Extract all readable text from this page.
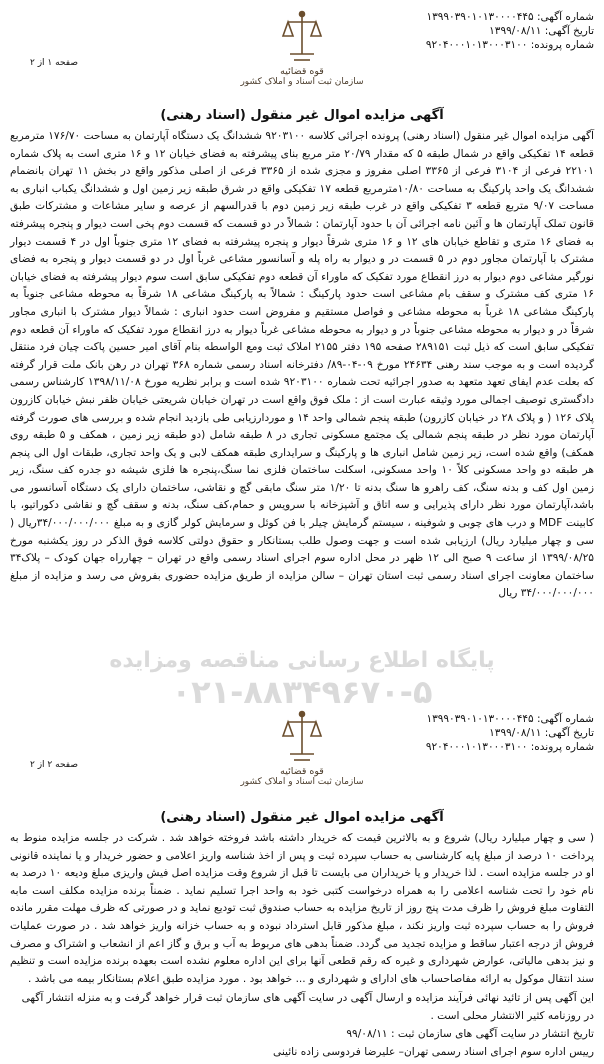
شماره آگهی: ۱۳۹۹۰۳۹۰۱۰۱۳۰۰۰۰۴۴۵
تاریخ آگهی: ۱۳۹۹/۰۸/۱۱
شماره پرونده: ۹۲۰۴۰۰۰۱۰۱۳۰۰۰۳۱۰۰
قوه قضائیه
سازمان ثبت اسناد و املاک کشور
صفحه ۱ از ۲
آگهی مزایده اموال غیر منقول (اسناد رهنی)

آگهی مزایده اموال غیر منقول (اسناد رهنی) پرونده اجرائی کلاسه ۹۲۰۳۱۰۰ ششدانگ یک دستگاه آپارتمان به مساحت ۱۷۶/۷۰ مترمربع قطعه ۱۴ تفکیکی واقع در شمال طبقه ۵ که مقدار ۲۰/۷۹ متر مربع بنای پیشرفته به فضای خیابان ۱۲ و ۱۶ متری است به پلاک شماره ۲۲۱۰۱ فرعی از ۳۱۰۴ فرعی از ۳۳۶۵ اصلی مفروز و مجزی شده از ۳۳۶۵ فرعی از اصلی مذکور واقع در بخش ۱۱ تهران بانضمام ششدانگ یک واحد پارکینگ به مساحت ۱۰/۸۰مترمربع قطعه ۱۷ تفکیکی واقع در شرق طبقه زیر زمین اول و ششدانگ یکباب انباری به مساحت ۹/۰۷ متربع قطعه ۳ تفکیکی واقع در غرب طبقه زیر زمین دوم با قدرالسهم از عرصه و سایر مشاعات و مشترکات طبق قانون تملک آپارتمان ها و آئین نامه اجرائی آن با حدود آپارتمان : شمالاً در دو قسمت که قسمت دوم پخی است دیوار و پنجره پیشرفته به فضای ۱۶ متری و تقاطع خیابان های ۱۲ و ۱۶ متری شرقاً دیوار و پنجره پیشرفته به فضای ۱۲ متری جنوباً اول در ۴ قسمت دیوار مشترک با آپارتمان مجاور دوم در ۵ قسمت در و دیوار به راه پله و آسانسور مشاعی غرباً اول در دو قسمت دیوار و پنجره به فضای نورگیر مشاعی دوم دیوار به درز انقطاع مورد تفکیک که ماوراء آن قطعه دوم تفکیکی سابق است سوم دیوار پیشرفته به فضای خیابان ۱۶ متری کف مشترک و سقف بام مشاعی است حدود پارکینگ : شمالاً به پارکینگ مشاعی ۱۸ شرقاً به محوطه مشاعی جنوباً به پارکینگ مشاعی ۱۸ غرباً به محوطه مشاعی و فواصل مستقیم و مفروض است حدود انباری : شمالاً دیوار مشترک با انباری مجاور شرقاً در و دیوار به محوطه مشاعی جنوباً در و دیوار به محوطه مشاعی غرباً دیوار به درز انقطاع مورد تفکیک که ماوراء آن قطعه دوم تفکیکی سابق است که ذیل ثبت ۲۸۹۱۵۱ صفحه ۱۹۵ دفتر ۲۱۵۵ املاک ثبت ومع الواسطه بنام آقای امیر حسین پاکت چیان فرد منتقل گردیده است و به موجب سند رهنی ۲۴۶۳۴ مورخ ۰۹-۰۴-۸۹/ دفترخانه اسناد رسمی شماره ۳۶۸ تهران در رهن بانک ملت قرار گرفته که بعلت عدم ایفای تعهد متعهد به صدور اجرائیه تحت شماره ۹۲۰۳۱۰۰ شده است و برابر نظریه مورخ ۱۳۹۸/۱۱/۰۸ کارشناس رسمی دادگستری توصیف اجمالی مورد وثیقه عبارت است از : ملک فوق واقع است در تهران خیابان شریعتی خیابان ظفر نبش خیابان کازرون پلاک ۱۲۶ ( و پلاک ۲۸ در خیابان کازرون) طبقه پنجم شمالی واحد ۱۴ و موردارزیابی طی بازدید انجام شده و بررسی های صورت گرفته آپارتمان مورد نظر در طبقه پنجم شمالی یک مجتمع مسکونی تجاری در ۸ طبقه شامل (دو طبقه زیر زمین ، همکف و ۵ طبقه روی همکف) واقع شده است، زیر زمین شامل انباری ها و پارکینگ و سرایداری طبقه همکف لابی و یک واحد تجاری، طبقات اول الی پنجم هر طبقه دو واحد مسکونی کلاً ۱۰ واحد مسکونی، اسکلت ساختمان فلزی نما سنگ،پنجره ها فلزی شیشه دو جدره کف سنگ، زیر زمین اول کف و بدنه سنگ، کف راهرو ها سنگ بدنه تا ۱/۲۰ متر سنگ مابقی گچ و نقاشی، ساختمان دارای یک دستگاه آسانسور می باشد،آپارتمان مورد نظر دارای پذیرایی و سه اتاق و آشپزخانه با سرویس و حمام،کف سنگ، بدنه و سقف گچ و نقاشی دکوراتیو، با کابینت MDF و درب های چوبی و شوفینه ، سیستم گرمایش چیلر با فن کوئل و سرمایش کولر گازی و به مبلغ ۳۴/۰۰۰/۰۰۰/۰۰۰ریال ( سی و چهار میلیارد ریال) ارزیابی شده است و جهت وصول طلب بستانکار و حقوق دولتی کلاسه فوق الذکر در روز یکشنبه مورخ ۱۳۹۹/۰۸/۲۵ از ساعت ۹ صبح الی ۱۲ ظهر در محل اداره سوم اجرای اسناد رسمی واقع در تهران – چهارراه جهان کودک – پلاک۳۴ ساختمان معاونت اجرای اسناد رسمی ثبت استان تهران – سالن مزایده از طریق مزایده حضوری بفروش می رسد و مزایده از مبلغ ۳۴/۰۰۰/۰۰۰/۰۰۰ ریال

پایگاه اطلاع رسانی مناقصه ومزایده
۰۲۱-۸۸۳۴۹۶۷۰-۵
شماره آگهی: ۱۳۹۹۰۳۹۰۱۰۱۳۰۰۰۰۴۴۵
تاریخ آگهی: ۱۳۹۹/۰۸/۱۱
شماره پرونده: ۹۲۰۴۰۰۰۱۰۱۳۰۰۰۳۱۰۰
قوه قضائیه
سازمان ثبت اسناد و املاک کشور
صفحه ۲ از ۲
آگهی مزایده اموال غیر منقول (اسناد رهنی)

( سی و چهار میلیارد ریال) شروع و به بالاترین قیمت که خریدار داشته باشد فروخته خواهد شد . شرکت در جلسه مزایده منوط به پرداخت ۱۰ درصد از مبلغ پایه کارشناسی به حساب سپرده ثبت و پس از اخذ شناسه واریز اعلامی و حضور خریدار و یا نماینده قانونی او در جلسه مزایده است . لذا خریدار و یا خریداران می بایست تا قبل از شروع وقت مزایده اصل فیش واریزی مبلغ ودیعه ۱۰ درصد به نام خود را تحت شناسه اعلامی را به همراه درخواست کتبی خود به واحد اجرا تسلیم نماید . ضمناً برنده مزایده مکلف است مابه التفاوت مبلغ فروش را ظرف مدت پنج روز از تاریخ مزایده به حساب صندوق ثبت تودیع نماید و در صورتی که ظرف مهلت مقرر مانده فروش را به حساب سپرده ثبت واریز نکند ، مبلغ مذکور قابل استرداد نبوده و به حساب خزانه واریز خواهد شد . در صورت عملیات فروش از درجه اعتبار ساقط و مزایده تجدید می گردد. ضمناً بدهی های مربوط به آب و برق و گاز اعم از انشعاب و اشتراک و مصرف و نیز بدهی مالیاتی، عوارض شهرداری و غیره که رقم قطعی آنها برای این اداره معلوم نشده است بعهده برنده مزایده است و تنظیم سند انتقال موکول به ارائه مفاصاحساب های ادارای و شهرداری و ... خواهد بود . مورد مزایده طبق اعلام بستانکار بیمه می باشد .

این آگهی پس از تائید نهائی فرآیند مزایده و ارسال آگهی در سایت آگهی های سازمان ثبت قرار خواهد گرفت و به منزله انتشار آگهی در روزنامه کثیر الانتشار محلی است .
تاریخ انتشار در سایت آگهی های سازمان ثبت : ۹۹/۰۸/۱۱
رییس اداره سوم اجرای اسناد رسمی تهران– علیرضا فردوسی زاده نائینی
